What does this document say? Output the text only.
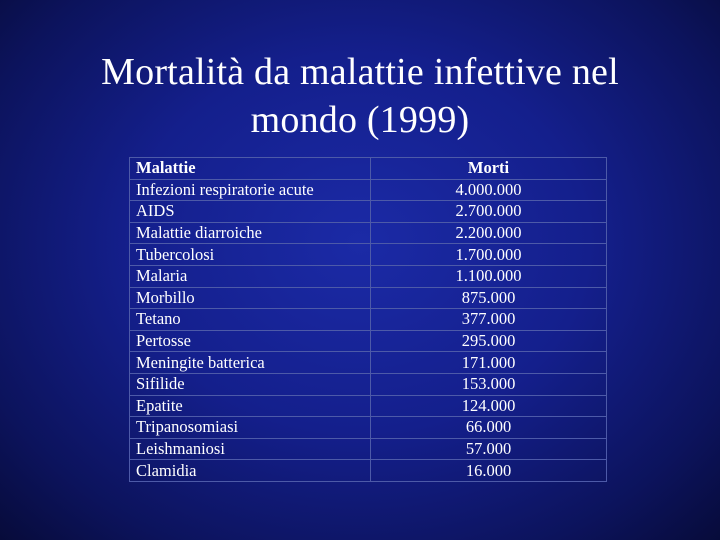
Mortalità da malattie infettive nel
mondo (1999)
Malattie	Morti
Infezioni respiratorie acute	4.000.000
AIDS	2.700.000
Malattie diarroiche	2.200.000
Tubercolosi	1.700.000
Malaria	1.100.000
Morbillo	875.000
Tetano	377.000
Pertosse	295.000
Meningite batterica	171.000
Sifilide	153.000
Epatite	124.000
Tripanosomiasi	66.000
Leishmaniosi	57.000
Clamidia	16.000
